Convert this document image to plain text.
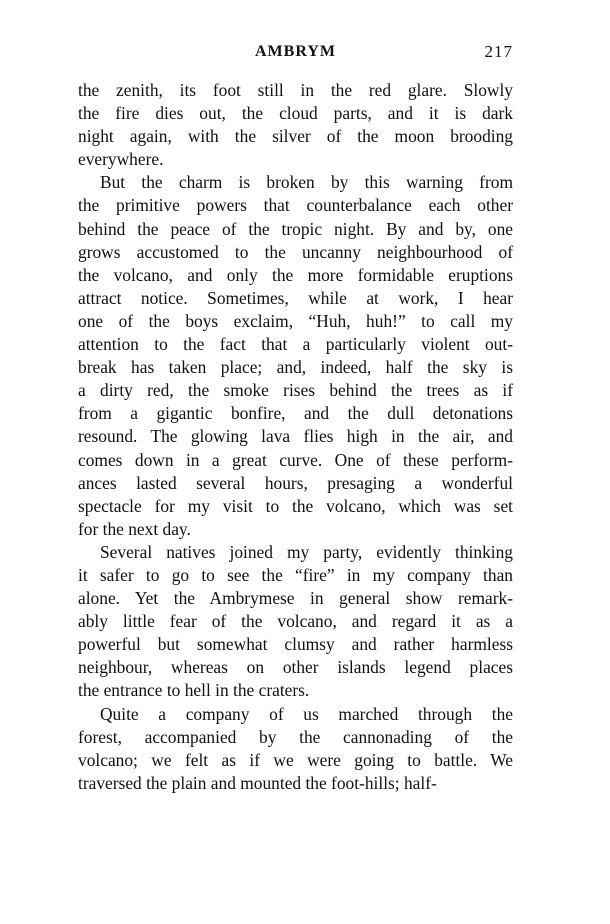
AMBRYM	217
the zenith, its foot still in the red glare. Slowly
the fire dies out, the cloud parts, and it is dark
night again, with the silver of the moon brooding
everywhere.
But the charm is broken by this warning from
the primitive powers that counterbalance each other
behind the peace of the tropic night. By and by, one
grows accustomed to the uncanny neighbourhood of
the volcano, and only the more formidable eruptions
attract notice. Sometimes, while at work, I hear
one of the boys exclaim, “Huh, huh!” to call my
attention to the fact that a particularly violent out-
break has taken place; and, indeed, half the sky is
a dirty red, the smoke rises behind the trees as if
from a gigantic bonfire, and the dull detonations
resound. The glowing lava flies high in the air, and
comes down in a great curve. One of these perform-
ances lasted several hours, presaging a wonderful
spectacle for my visit to the volcano, which was set
for the next day.
Several natives joined my party, evidently thinking
it safer to go to see the “fire” in my company than
alone. Yet the Ambrymese in general show remark-
ably little fear of the volcano, and regard it as a
powerful but somewhat clumsy and rather harmless
neighbour, whereas on other islands legend places
the entrance to hell in the craters.
Quite a company of us marched through the
forest, accompanied by the cannonading of the
volcano; we felt as if we were going to battle. We
traversed the plain and mounted the foot-hills; half-
